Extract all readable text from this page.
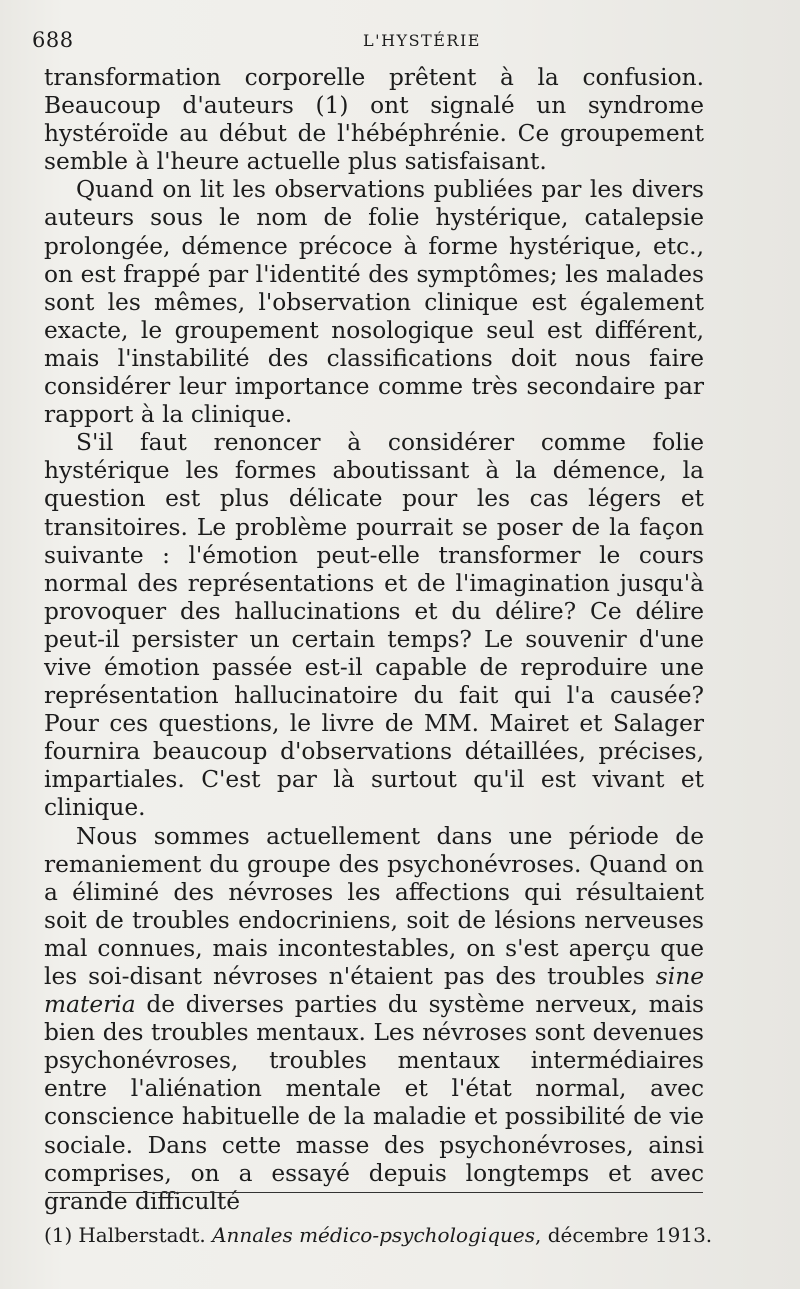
688	L'HYSTÉRIE

transformation corporelle prêtent à la confusion. Beaucoup d'auteurs (1) ont signalé un syndrome hystéroïde au début de l'hébéphrénie. Ce groupement semble à l'heure actuelle plus satisfaisant.

Quand on lit les observations publiées par les divers auteurs sous le nom de folie hystérique, catalepsie prolongée, démence précoce à forme hystérique, etc., on est frappé par l'identité des symptômes; les malades sont les mêmes, l'observation clinique est également exacte, le groupement nosologique seul est différent, mais l'instabilité des classifications doit nous faire considérer leur importance comme très secondaire par rapport à la clinique.

S'il faut renoncer à considérer comme folie hystérique les formes aboutissant à la démence, la question est plus délicate pour les cas légers et transitoires. Le problème pourrait se poser de la façon suivante : l'émotion peut-elle transformer le cours normal des représentations et de l'imagination jusqu'à provoquer des hallucinations et du délire? Ce délire peut-il persister un certain temps? Le souvenir d'une vive émotion passée est-il capable de reproduire une représentation hallucinatoire du fait qui l'a causée? Pour ces questions, le livre de MM. Mairet et Salager fournira beaucoup d'observations détaillées, précises, impartiales. C'est par là surtout qu'il est vivant et clinique.

Nous sommes actuellement dans une période de remaniement du groupe des psychonévroses. Quand on a éliminé des névroses les affections qui résultaient soit de troubles endocriniens, soit de lésions nerveuses mal connues, mais incontestables, on s'est aperçu que les soi-disant névroses n'étaient pas des troubles sine materia de diverses parties du système nerveux, mais bien des troubles mentaux. Les névroses sont devenues psychonévroses, troubles mentaux intermédiaires entre l'aliénation mentale et l'état normal, avec conscience habituelle de la maladie et possibilité de vie sociale. Dans cette masse des psychonévroses, ainsi comprises, on a essayé depuis longtemps et avec grande difficulté

(1) Halberstadt. Annales médico-psychologiques, décembre 1913.
